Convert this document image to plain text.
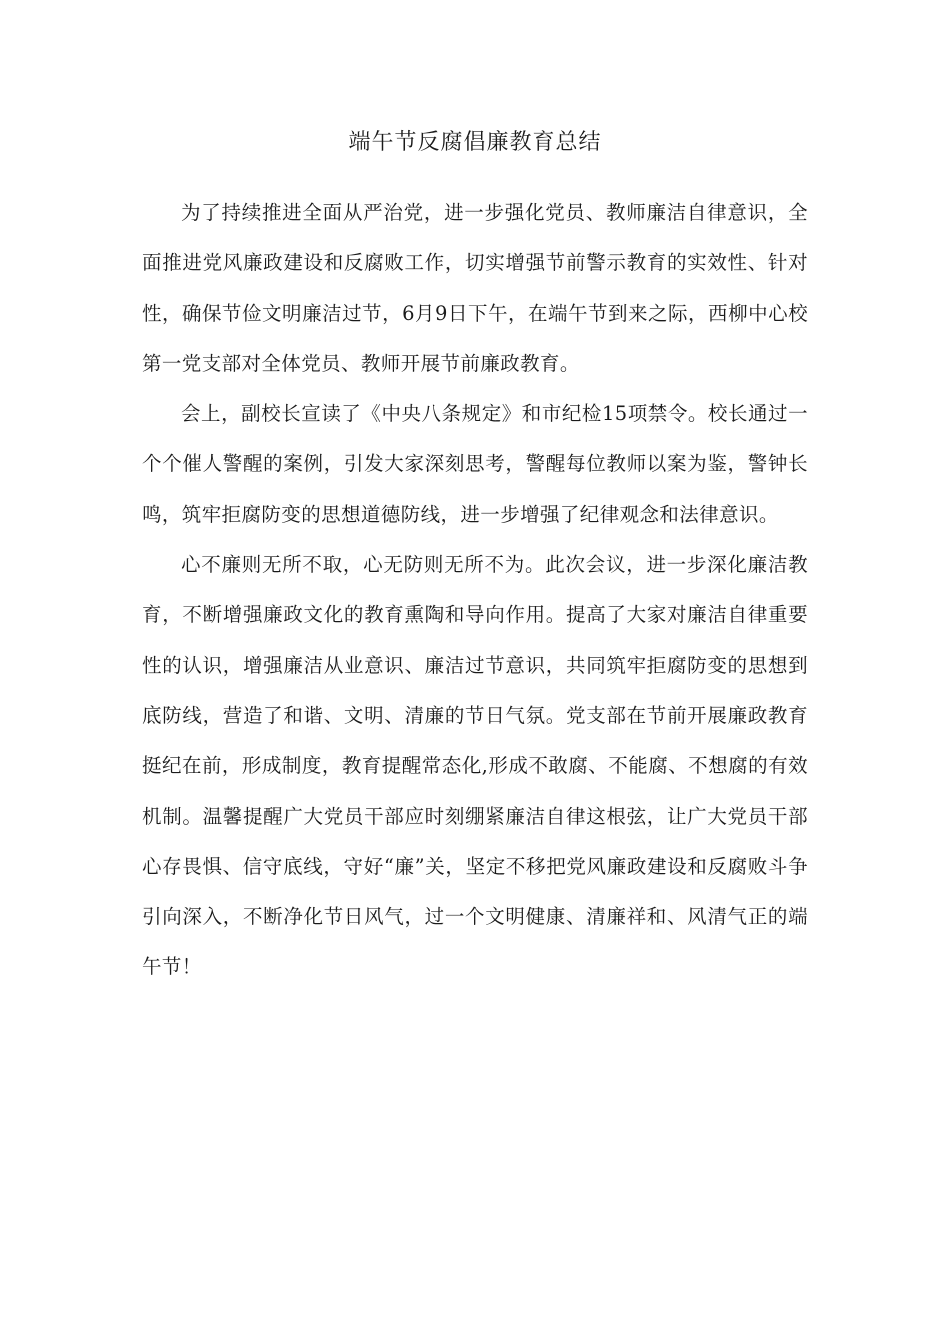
端午节反腐倡廉教育总结

为了持续推进全面从严治党，进一步强化党员、教师廉洁自律意识，全面推进党风廉政建设和反腐败工作，切实增强节前警示教育的实效性、针对性，确保节俭文明廉洁过节，6月9日下午，在端午节到来之际，西柳中心校第一党支部对全体党员、教师开展节前廉政教育。

会上，副校长宣读了《中央八条规定》和市纪检15项禁令。校长通过一个个催人警醒的案例，引发大家深刻思考，警醒每位教师以案为鉴，警钟长鸣，筑牢拒腐防变的思想道德防线，进一步增强了纪律观念和法律意识。

心不廉则无所不取，心无防则无所不为。此次会议，进一步深化廉洁教育，不断增强廉政文化的教育熏陶和导向作用。提高了大家对廉洁自律重要性的认识，增强廉洁从业意识、廉洁过节意识，共同筑牢拒腐防变的思想到底防线，营造了和谐、文明、清廉的节日气氛。党支部在节前开展廉政教育挺纪在前，形成制度，教育提醒常态化,形成不敢腐、不能腐、不想腐的有效机制。温馨提醒广大党员干部应时刻绷紧廉洁自律这根弦，让广大党员干部心存畏惧、信守底线，守好“廉”关，坚定不移把党风廉政建设和反腐败斗争引向深入，不断净化节日风气，过一个文明健康、清廉祥和、风清气正的端午节！
